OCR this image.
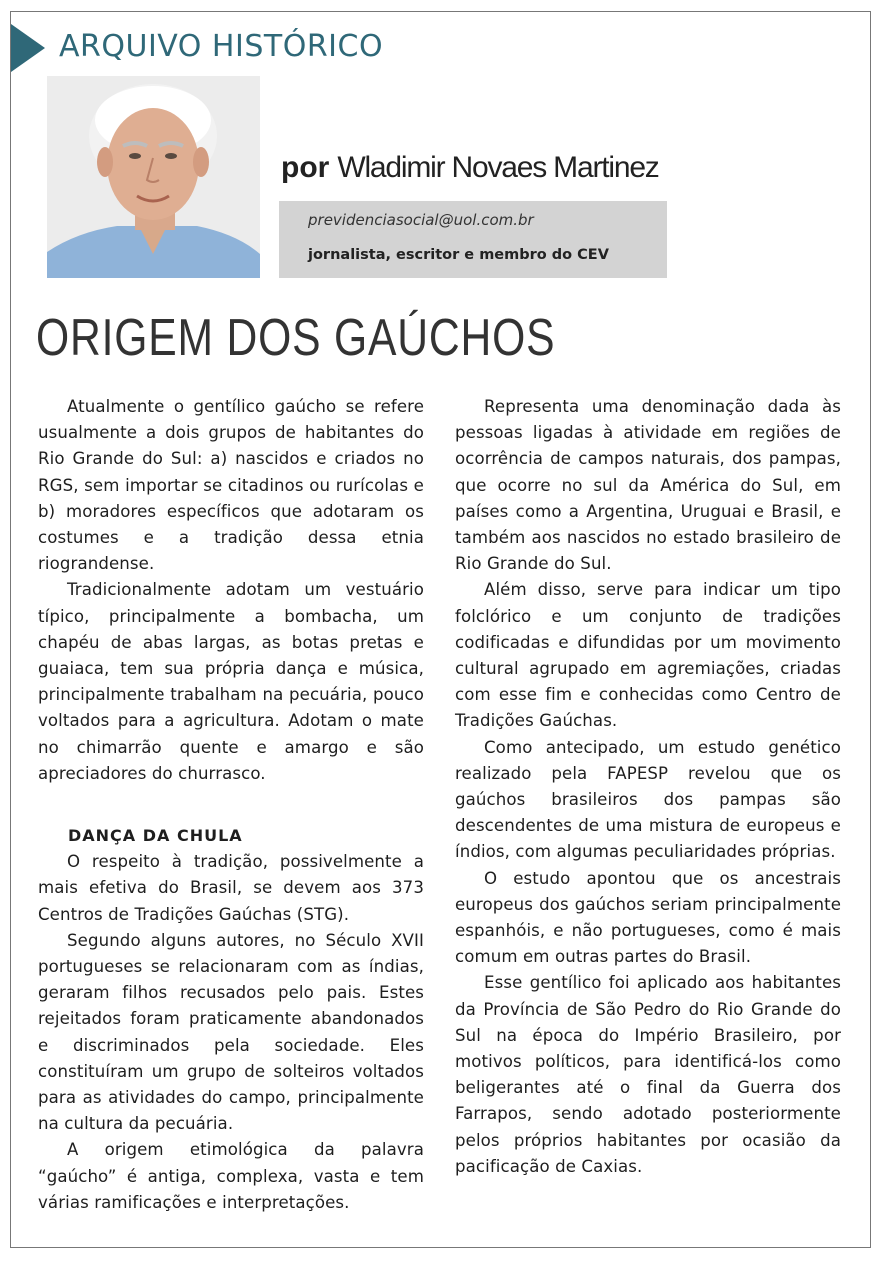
ARQUIVO HISTÓRICO
por Wladimir Novaes Martinez
previdenciasocial@uol.com.br
jornalista, escritor e membro do CEV
ORIGEM DOS GAÚCHOS

Atualmente o gentílico gaúcho se refere usualmente a dois grupos de habitantes do Rio Grande do Sul: a) nascidos e criados no RGS, sem importar se citadinos ou rurícolas e b) moradores específicos que adotaram os costumes e a tradição dessa etnia riograndense.

Tradicionalmente adotam um vestuário típico, principalmente a bombacha, um chapéu de abas largas, as botas pretas e guaiaca, tem sua própria dança e música, principalmente trabalham na pecuária, pouco voltados para a agricultura. Adotam o mate no chimarrão quente e amargo e são apreciadores do churrasco.

DANÇA DA CHULA

O respeito à tradição, possivelmente a mais efetiva do Brasil, se devem aos 373 Centros de Tradições Gaúchas (STG).

Segundo alguns autores, no Século XVII portugueses se relacionaram com as índias, geraram filhos recusados pelo pais. Estes rejeitados foram praticamente abandonados e discriminados pela sociedade. Eles constituíram um grupo de solteiros voltados para as atividades do campo, principalmente na cultura da pecuária.

A origem etimológica da palavra “gaúcho” é antiga, complexa, vasta e tem várias ramificações e interpretações.

Representa uma denominação dada às pessoas ligadas à atividade em regiões de ocorrência de campos naturais, dos pampas, que ocorre no sul da América do Sul, em países como a Argentina, Uruguai e Brasil, e também aos nascidos no estado brasileiro de Rio Grande do Sul.

Além disso, serve para indicar um tipo folclórico e um conjunto de tradições codificadas e difundidas por um movimento cultural agrupado em agremiações, criadas com esse fim e conhecidas como Centro de Tradições Gaúchas.

Como antecipado, um estudo genético realizado pela FAPESP revelou que os gaúchos brasileiros dos pampas são descendentes de uma mistura de europeus e índios, com algumas peculiaridades próprias.

O estudo apontou que os ancestrais europeus dos gaúchos seriam principalmente espanhóis, e não portugueses, como é mais comum em outras partes do Brasil.

Esse gentílico foi aplicado aos habitantes da Província de São Pedro do Rio Grande do Sul na época do Império Brasileiro, por motivos políticos, para identificá-los como beligerantes até o final da Guerra dos Farrapos, sendo adotado posteriormente pelos próprios habitantes por ocasião da pacificação de Caxias.
